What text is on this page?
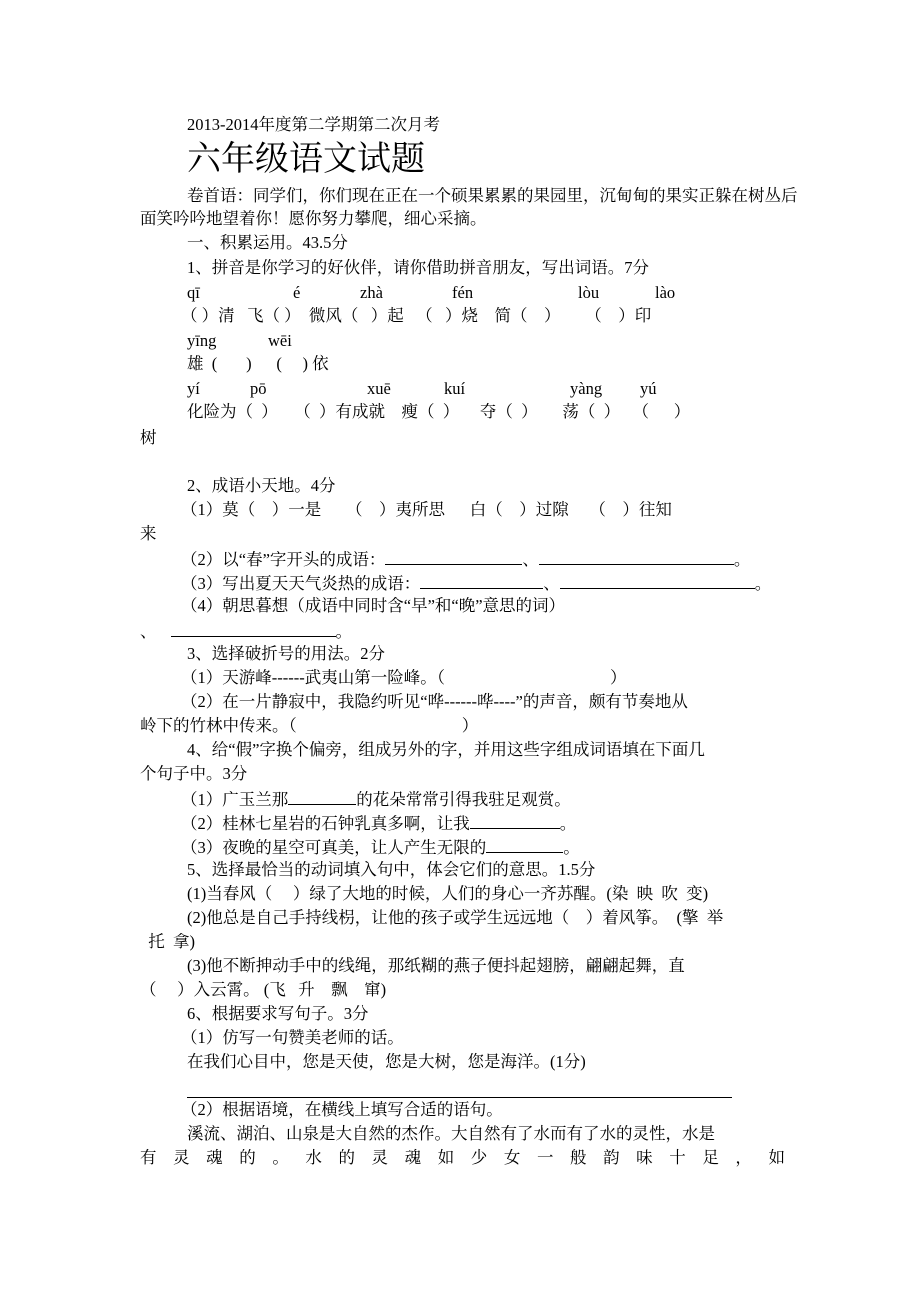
2013-2014年度第二学期第二次月考
六年级语文试题
卷首语：同学们，你们现在正在一个硕果累累的果园里，沉甸甸的果实正躲在树丛后
面笑吟吟地望着你！愿你努力攀爬，细心采摘。
一、积累运用。43.5分
1、拼音是你学习的好伙伴，请你借助拼音朋友，写出词语。7分
qī	é	zhà	fén	lòu	lào
（ ）清   飞（ ）  微风（   ）起   （   ）烧    简（    ）      （    ）印
yīng	wēi
雄  (       )      (     ) 依
yí	pō	xuē	kuí	yàng yú
化险为（  ）    （  ）有成就    瘦（  ）     夺（  ）      荡（  ）   （      ）
树
2、成语小天地。4分
（1）莫（    ）一是      （    ）夷所思      白（    ）过隙     （    ）往知
来
（2）以“春”字开头的成语：	、	。
（3）写出夏天天气炎热的成语：	、	。
（4）朝思暮想（成语中同时含“早”和“晚”意思的词）
、	。
3、选择破折号的用法。2分
（1）天游峰------武夷山第一险峰。（                                        ）
（2）在一片静寂中，我隐约听见“哗------哗----”的声音，颇有节奏地从
岭下的竹林中传来。（                                        ）
4、给“假”字换个偏旁，组成另外的字，并用这些字组成词语填在下面几
个句子中。3分
（1）广玉兰那	的花朵常常引得我驻足观赏。
（2）桂林七星岩的石钟乳真多啊，让我	。
（3）夜晚的星空可真美，让人产生无限的	。
5、选择最恰当的动词填入句中，体会它们的意思。1.5分
(1)当春风（     ）绿了大地的时候，人们的身心一齐苏醒。(染  映  吹  变)
(2)他总是自己手持线枴，让他的孩子或学生远远地（    ）着风筝。  (擎  举
托  拿)
(3)他不断抻动手中的线绳，那纸糊的燕子便抖起翅膀，翩翩起舞，直
（     ）入云霄。 (飞   升    飘    窜)
6、根据要求写句子。3分
（1）仿写一句赞美老师的话。
在我们心目中，您是天使，您是大树，您是海洋。(1分)
（2）根据语境，在横线上填写合适的语句。
溪流、湖泊、山泉是大自然的杰作。大自然有了水而有了水的灵性，水是
有 灵 魂 的 。 水 的 灵 魂 如 少 女 一 般 韵 味 十 足 ， 如
